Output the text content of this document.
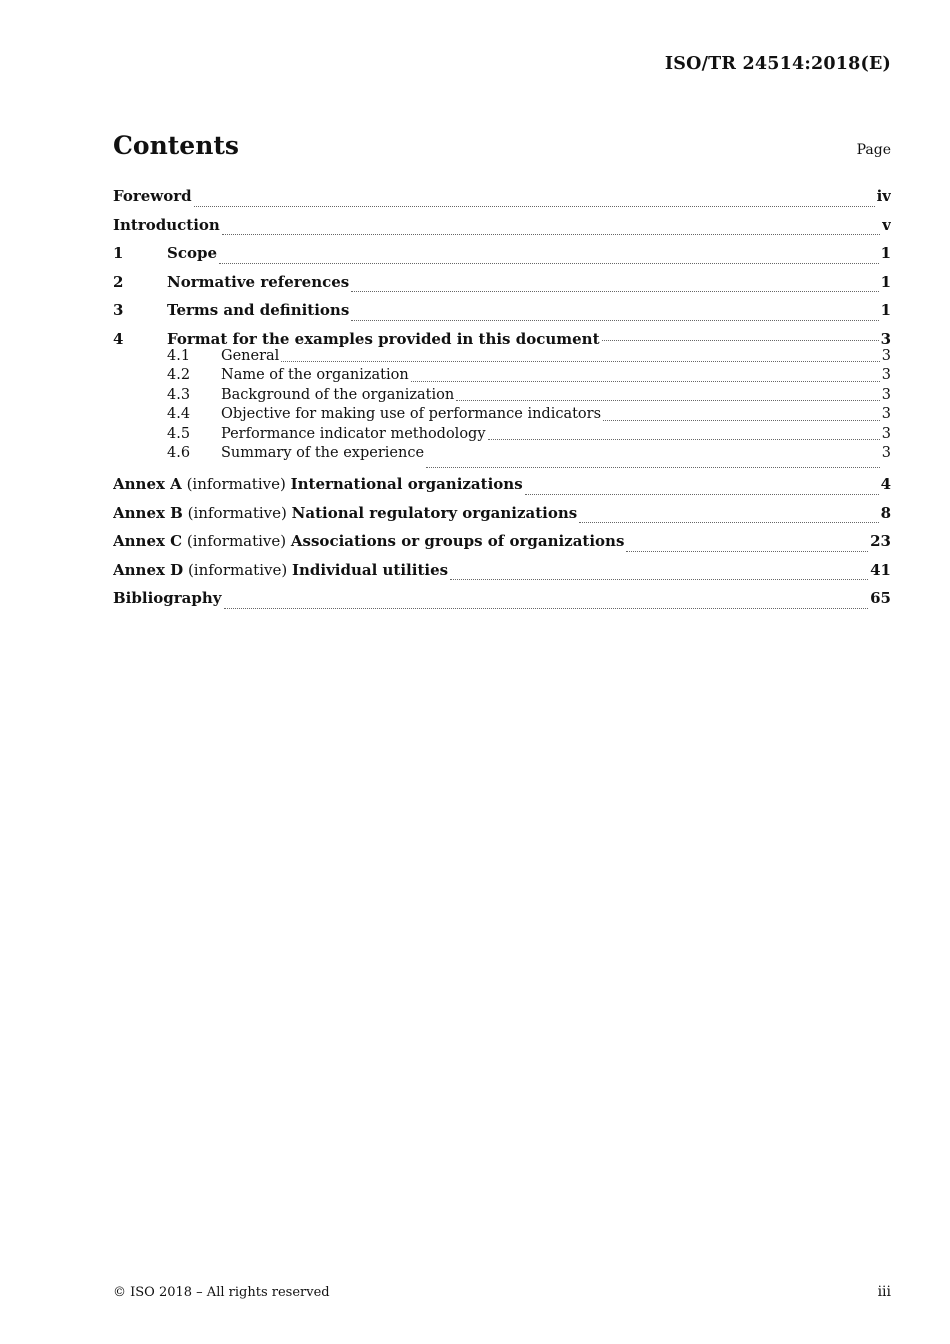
ISO/TR 24514:2018(E)
Contents	Page
Foreword	iv
Introduction	v
1	Scope	1
2	Normative references	1
3	Terms and definitions	1
4	Format for the examples provided in this document	3
4.1	General	3
4.2	Name of the organization	3
4.3	Background of the organization	3
4.4	Objective for making use of performance indicators	3
4.5	Performance indicator methodology	3
4.6	Summary of the experience	3
Annex A (informative) International organizations	4
Annex B (informative) National regulatory organizations	8
Annex C (informative) Associations or groups of organizations	23
Annex D (informative) Individual utilities	41
Bibliography	65
© ISO 2018 – All rights reserved	iii
